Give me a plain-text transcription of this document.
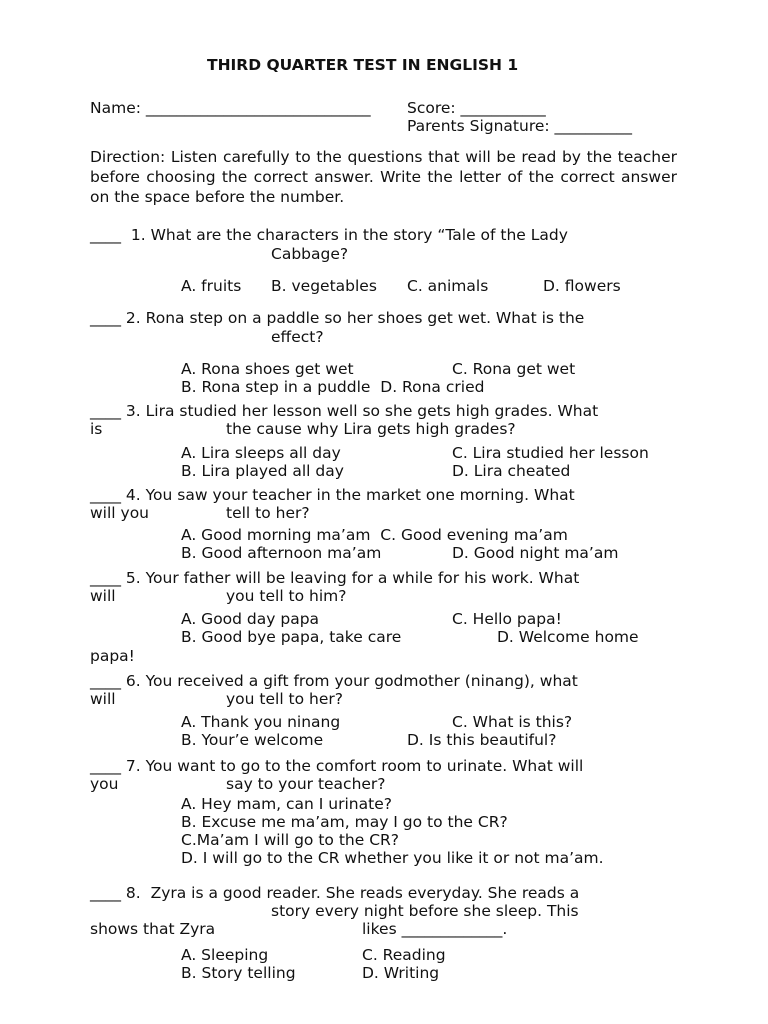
THIRD QUARTER TEST IN ENGLISH 1
Name: _____________________________ Score: ___________
Parents Signature: __________
Direction: Listen carefully to the questions that will be read by the teacher before choosing the correct answer. Write the letter of the correct answer on the space before the number.
____  1. What are the characters in the story “Tale of the Lady
Cabbage?
A. fruits B. vegetables C. animals	D. flowers
____ 2. Rona step on a paddle so her shoes get wet. What is the
effect?
A. Rona shoes get wet	C. Rona get wet
B. Rona step in a puddle  D. Rona cried
____ 3. Lira studied her lesson well so she gets high grades. What
is	the cause why Lira gets high grades?
A. Lira sleeps all day	C. Lira studied her lesson
B. Lira played all day	D. Lira cheated
____ 4. You saw your teacher in the market one morning. What
will you	tell to her?
A. Good morning ma’am  C. Good evening ma’am
B. Good afternoon ma’am	D. Good night ma’am
____ 5. Your father will be leaving for a while for his work. What
will	you tell to him?
A. Good day papa	C. Hello papa!
B. Good bye papa, take care	D. Welcome home
papa!
____ 6. You received a gift from your godmother (ninang), what
will	you tell to her?
A. Thank you ninang	C. What is this?
B. Your’e welcome	D. Is this beautiful?
____ 7. You want to go to the comfort room to urinate. What will
you	say to your teacher?
A. Hey mam, can I urinate?
B. Excuse me ma’am, may I go to the CR?
C.Ma’am I will go to the CR?
D. I will go to the CR whether you like it or not ma’am.
____ 8.  Zyra is a good reader. She reads everyday. She reads a
story every night before she sleep. This
shows that Zyra	likes _____________.
A. Sleeping	C. Reading
B. Story telling	D. Writing
